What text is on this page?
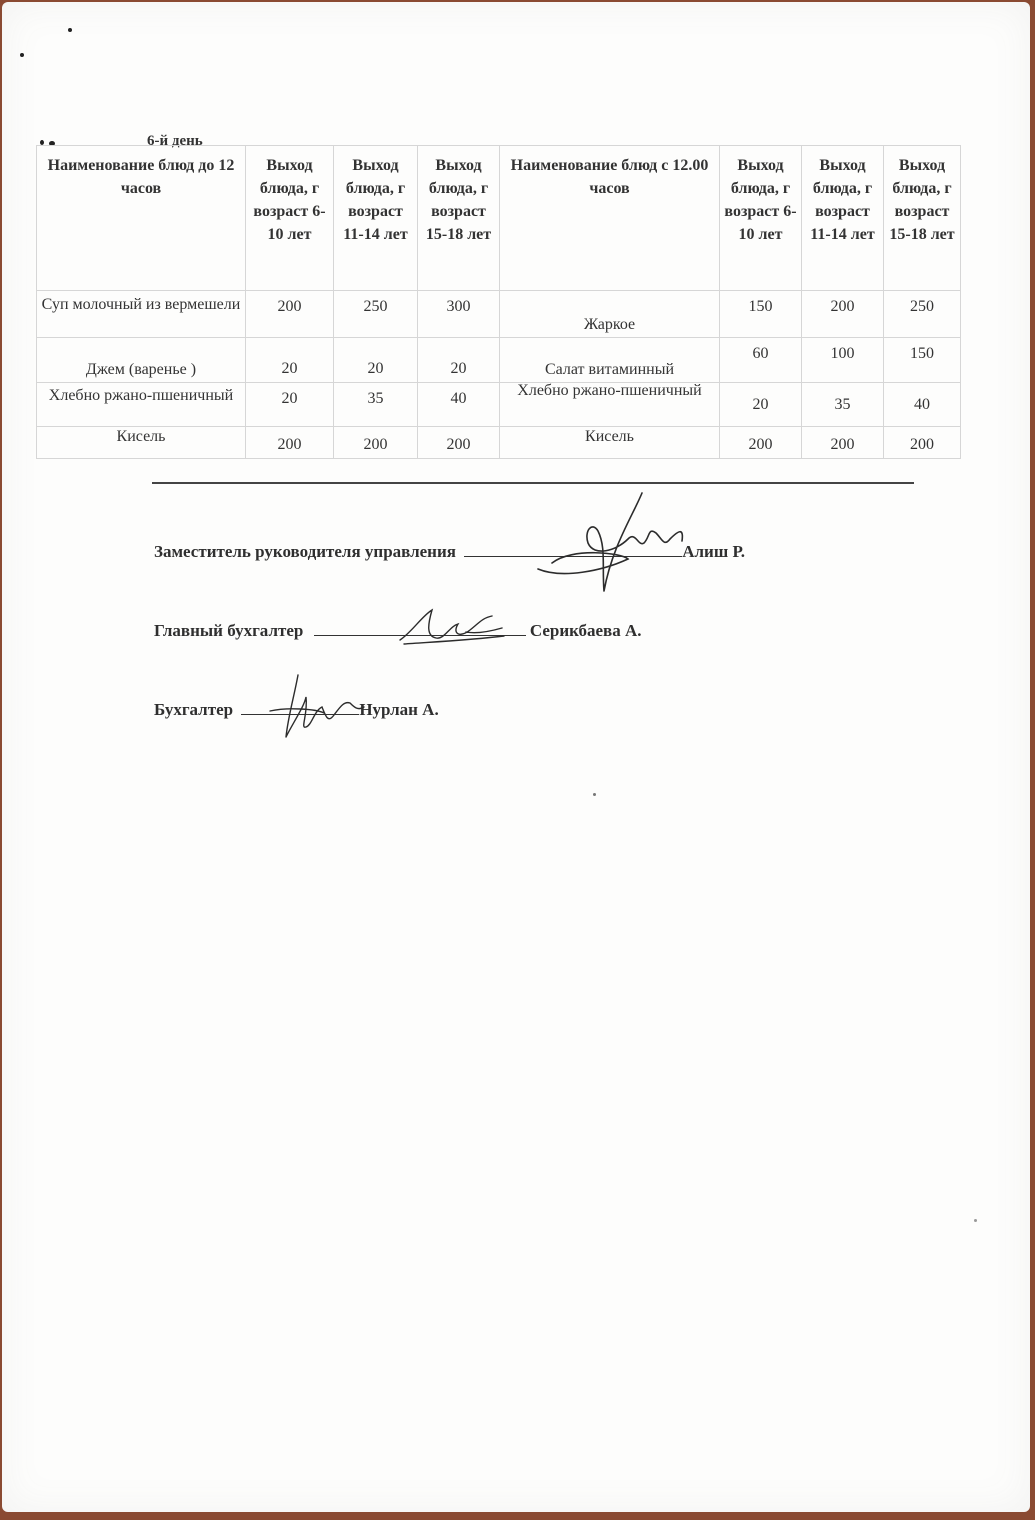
6-й день
Наименование блюд до 12 часов	Выход блюда, г возраст 6-10 лет	Выход блюда, г возраст 11-14 лет	Выход блюда, г возраст 15-18 лет	Наименование блюд с 12.00 часов	Выход блюда, г возраст 6-10 лет	Выход блюда, г возраст 11-14 лет	Выход блюда, г возраст 15-18 лет
Суп молочный из вермешели	200	250	300	Жаркое	150	200	250
Джем (варенье )	20	20	20	Салат витаминный	60	100	150
Хлебно ржано-пшеничный	20	35	40	Хлебно ржано-пшеничный	20	35	40
Кисель	200	200	200	Кисель	200	200	200
Заместитель руководителя управления	Алиш Р.
Главный бухгалтер	Серикбаева А.
Бухгалтер	Нурлан А.
